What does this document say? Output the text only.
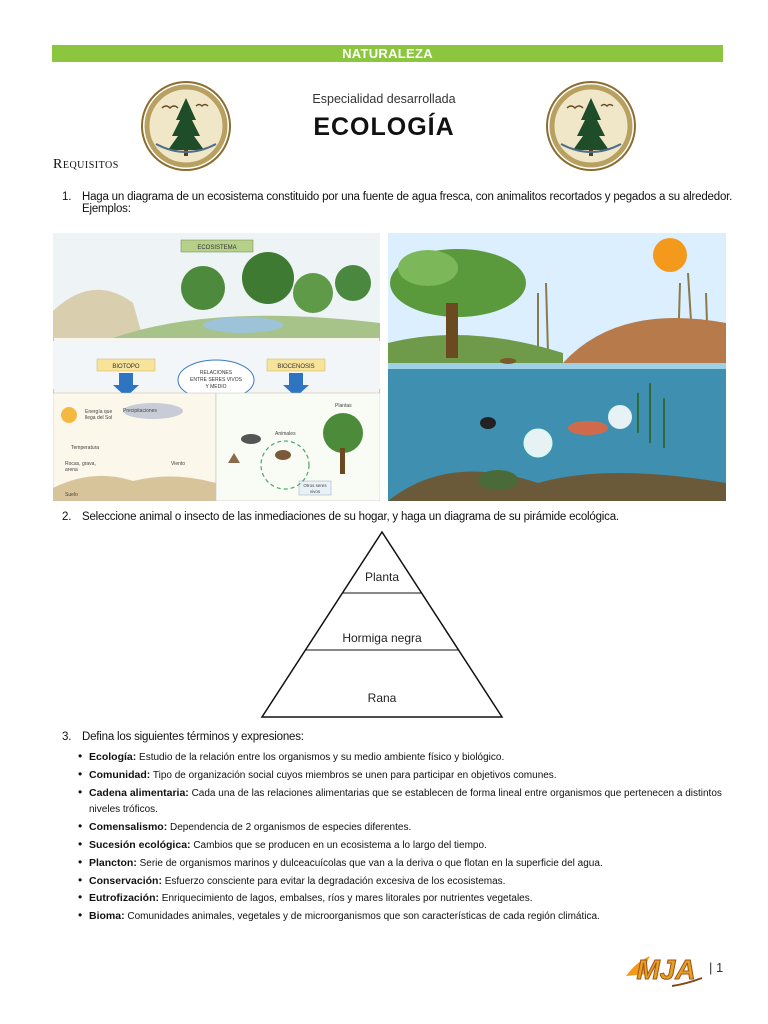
NATURALEZA
Especialidad desarrollada
ECOLOGÍA
Requisitos
1. Haga un diagrama de un ecosistema constituido por una fuente de agua fresca, con animalitos recortados y pegados a su alrededor.
Ejemplos:
ECOSISTEMA
BIOTOPO	BIOCENOSIS
RELACIONES
ENTRE SERES VIVOS
Y MEDIO
Energía que
llega del Sol
Precipitaciones
Temperatura
Viento
Rocas, grava,
arena
Suelo
Plantas
Animales
Otros seres
vivos
2. Seleccione animal o insecto de las inmediaciones de su hogar, y haga un diagrama de su pirámide ecológica.
Planta
Hormiga negra
Rana
3. Defina los siguientes términos y expresiones:
• Ecología: Estudio de la relación entre los organismos y su medio ambiente físico y biológico.
• Comunidad: Tipo de organización social cuyos miembros se unen para participar en objetivos comunes.
• Cadena alimentaria: Cada una de las relaciones alimentarias que se establecen de forma lineal entre organismos que pertenecen a distintos niveles tróficos.
• Comensalismo: Dependencia de 2 organismos de especies diferentes.
• Sucesión ecológica: Cambios que se producen en un ecosistema a lo largo del tiempo.
• Plancton: Serie de organismos marinos y dulceacuícolas que van a la deriva o que flotan en la superficie del agua.
• Conservación: Esfuerzo consciente para evitar la degradación excesiva de los ecosistemas.
• Eutrofización: Enriquecimiento de lagos, embalses, ríos y mares litorales por nutrientes vegetales.
• Bioma: Comunidades animales, vegetales y de microorganismos que son características de cada región climática.
MJA | 1
